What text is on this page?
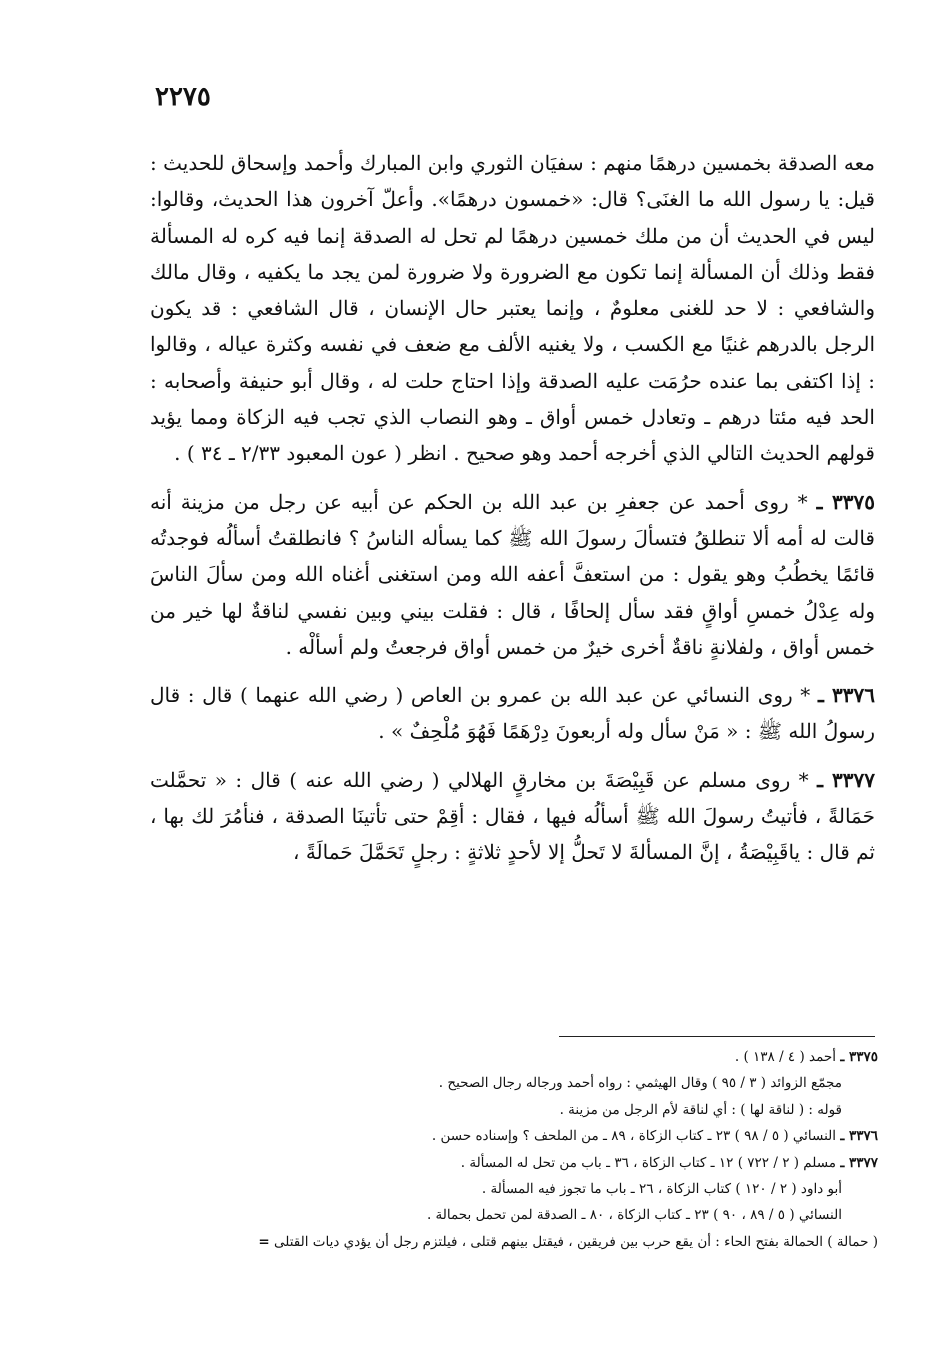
٢٢٧٥

معه الصدقة بخمسين درهمًا منهم : سفيَان الثوري وابن المبارك وأحمد وإسحاق للحديث : قيل: يا رسول الله ما الغنَى؟ قال: «خمسون درهمًا». وأعلّ آخرون هذا الحديث، وقالوا: ليس في الحديث أن من ملك خمسين درهمًا لم تحل له الصدقة إنما فيه كره له المسألة فقط وذلك أن المسألة إنما تكون مع الضرورة ولا ضرورة لمن يجد ما يكفيه ، وقال مالك والشافعي : لا حد للغنى معلومٌ ، وإنما يعتبر حال الإنسان ، قال الشافعي : قد يكون الرجل بالدرهم غنيًا مع الكسب ، ولا يغنيه الألف مع ضعف في نفسه وكثرة عياله ، وقالوا : إذا اكتفى بما عنده حرُمَت عليه الصدقة وإذا احتاج حلت له ، وقال أبو حنيفة وأصحابه : الحد فيه مئتا درهم ـ وتعادل خمس أواق ـ وهو النصاب الذي تجب فيه الزكاة ومما يؤيد قولهم الحديث التالي الذي أخرجه أحمد وهو صحيح . انظر ( عون المعبود ٢/٣٣ ـ ٣٤ ) .

٣٣٧٥ ـ * روى أحمد عن جعفرِ بن عبد الله بن الحكم عن أبيه عن رجل من مزينة أنه قالت له أمه ألا تنطلقُ فتسألَ رسولَ الله ﷺ كما يسأله الناسُ ؟ فانطلقتُ أسألُه فوجدتُه قائمًا يخطُبُ وهو يقول : من استعفَّ أعفه الله ومن استغنى أغناه الله ومن سألَ الناسَ وله عِدْلُ خمسِ أواقٍ فقد سأل إلحافًا ، قال : فقلت بيني وبين نفسي لناقةٌ لها خير من خمس أواق ، ولفلانةٍ ناقةٌ أخرى خيرٌ من خمس أواق فرجعتُ ولم أسألْه .

٣٣٧٦ ـ * روى النسائي عن عبد الله بن عمرو بن العاص ( رضي الله عنهما ) قال : قال رسولُ الله ﷺ : « مَنْ سأل وله أربعونَ دِرْهَمًا فَهُوَ مُلْحِفٌ » .

٣٣٧٧ ـ * روى مسلم عن قَبِيْصَةَ بن مخارقٍ الهلالي ( رضي الله عنه ) قال : « تحمَّلت حَمَالةً ، فأتيتُ رسولَ الله ﷺ أسألُه فيها ، فقال : أقِمْ حتى تأتينَا الصدقة ، فنأمُرَ لك بها ، ثم قال : ياقَبِيْصَةُ ، إنَّ المسألةَ لا تَحلُّ إلا لأحدٍ ثلاثةٍ : رجلٍ تَحَمَّلَ حَمالَةً ،

٣٣٧٥ ـ أحمد ( ٤ / ١٣٨ ) .
مجمّع الزوائد ( ٣ / ٩٥ ) وقال الهيثمي : رواه أحمد ورجاله رجال الصحيح .
قوله : ( لناقة لها ) : أي لناقة لأم الرجل من مزينة .
٣٣٧٦ ـ النسائي ( ٥ / ٩٨ ) ٢٣ ـ كتاب الزكاة ، ٨٩ ـ من الملحف ؟ وإسناده حسن .
٣٣٧٧ ـ مسلم ( ٢ / ٧٢٢ ) ١٢ ـ كتاب الزكاة ، ٣٦ ـ باب من تحل له المسألة .
أبو داود ( ٢ / ١٢٠ ) كتاب الزكاة ، ٢٦ ـ باب ما تجوز فيه المسألة .
النسائي ( ٥ / ٨٩ ، ٩٠ ) ٢٣ ـ كتاب الزكاة ، ٨٠ ـ الصدقة لمن تحمل بحمالة .
( حمالة ) الحمالة بفتح الحاء : أن يقع حرب بين فريقين ، فيقتل بينهم قتلى ، فيلتزم رجل أن يؤدي ديات القتلى =
